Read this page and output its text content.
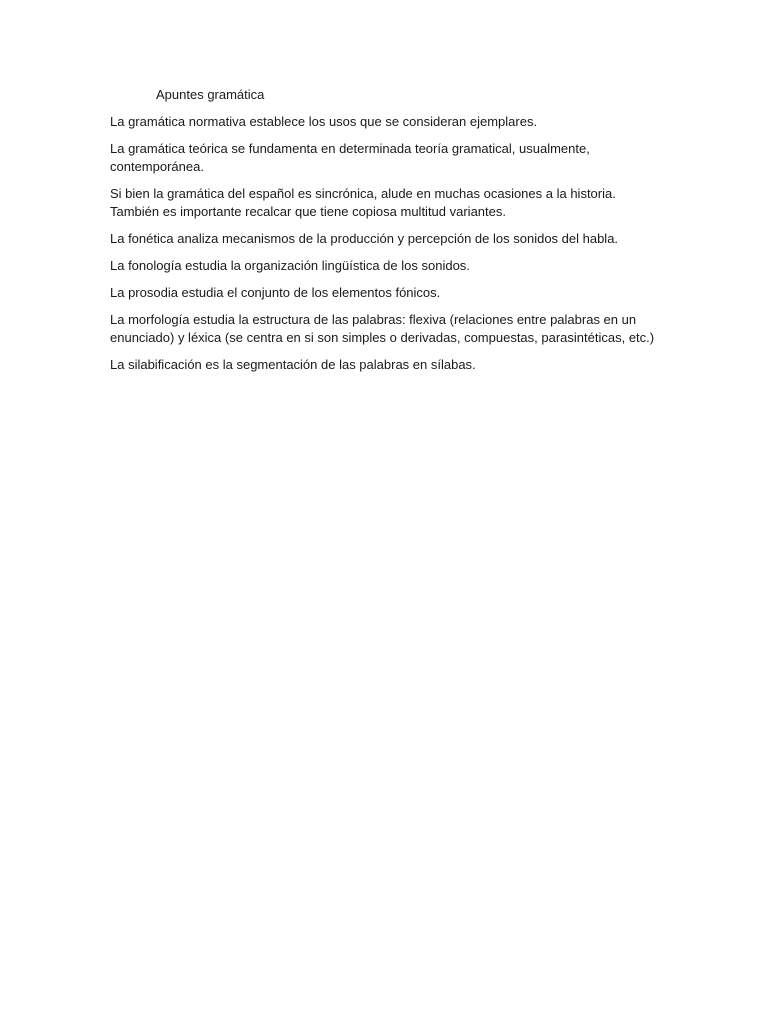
Apuntes gramática

La gramática normativa establece los usos que se consideran ejemplares.

La gramática teórica se fundamenta en determinada teoría gramatical, usualmente,
contemporánea.

Si bien la gramática del español es sincrónica, alude en muchas ocasiones a la historia.
También es importante recalcar que tiene copiosa multitud variantes.

La fonética analiza mecanismos de la producción y percepción de los sonidos del habla.

La fonología estudia la organización lingüística de los sonidos.

La prosodia estudia el conjunto de los elementos fónicos.

La morfología estudia la estructura de las palabras: flexiva (relaciones entre palabras en un
enunciado) y léxica (se centra en si son simples o derivadas, compuestas, parasintéticas, etc.)

La silabificación es la segmentación de las palabras en sílabas.
